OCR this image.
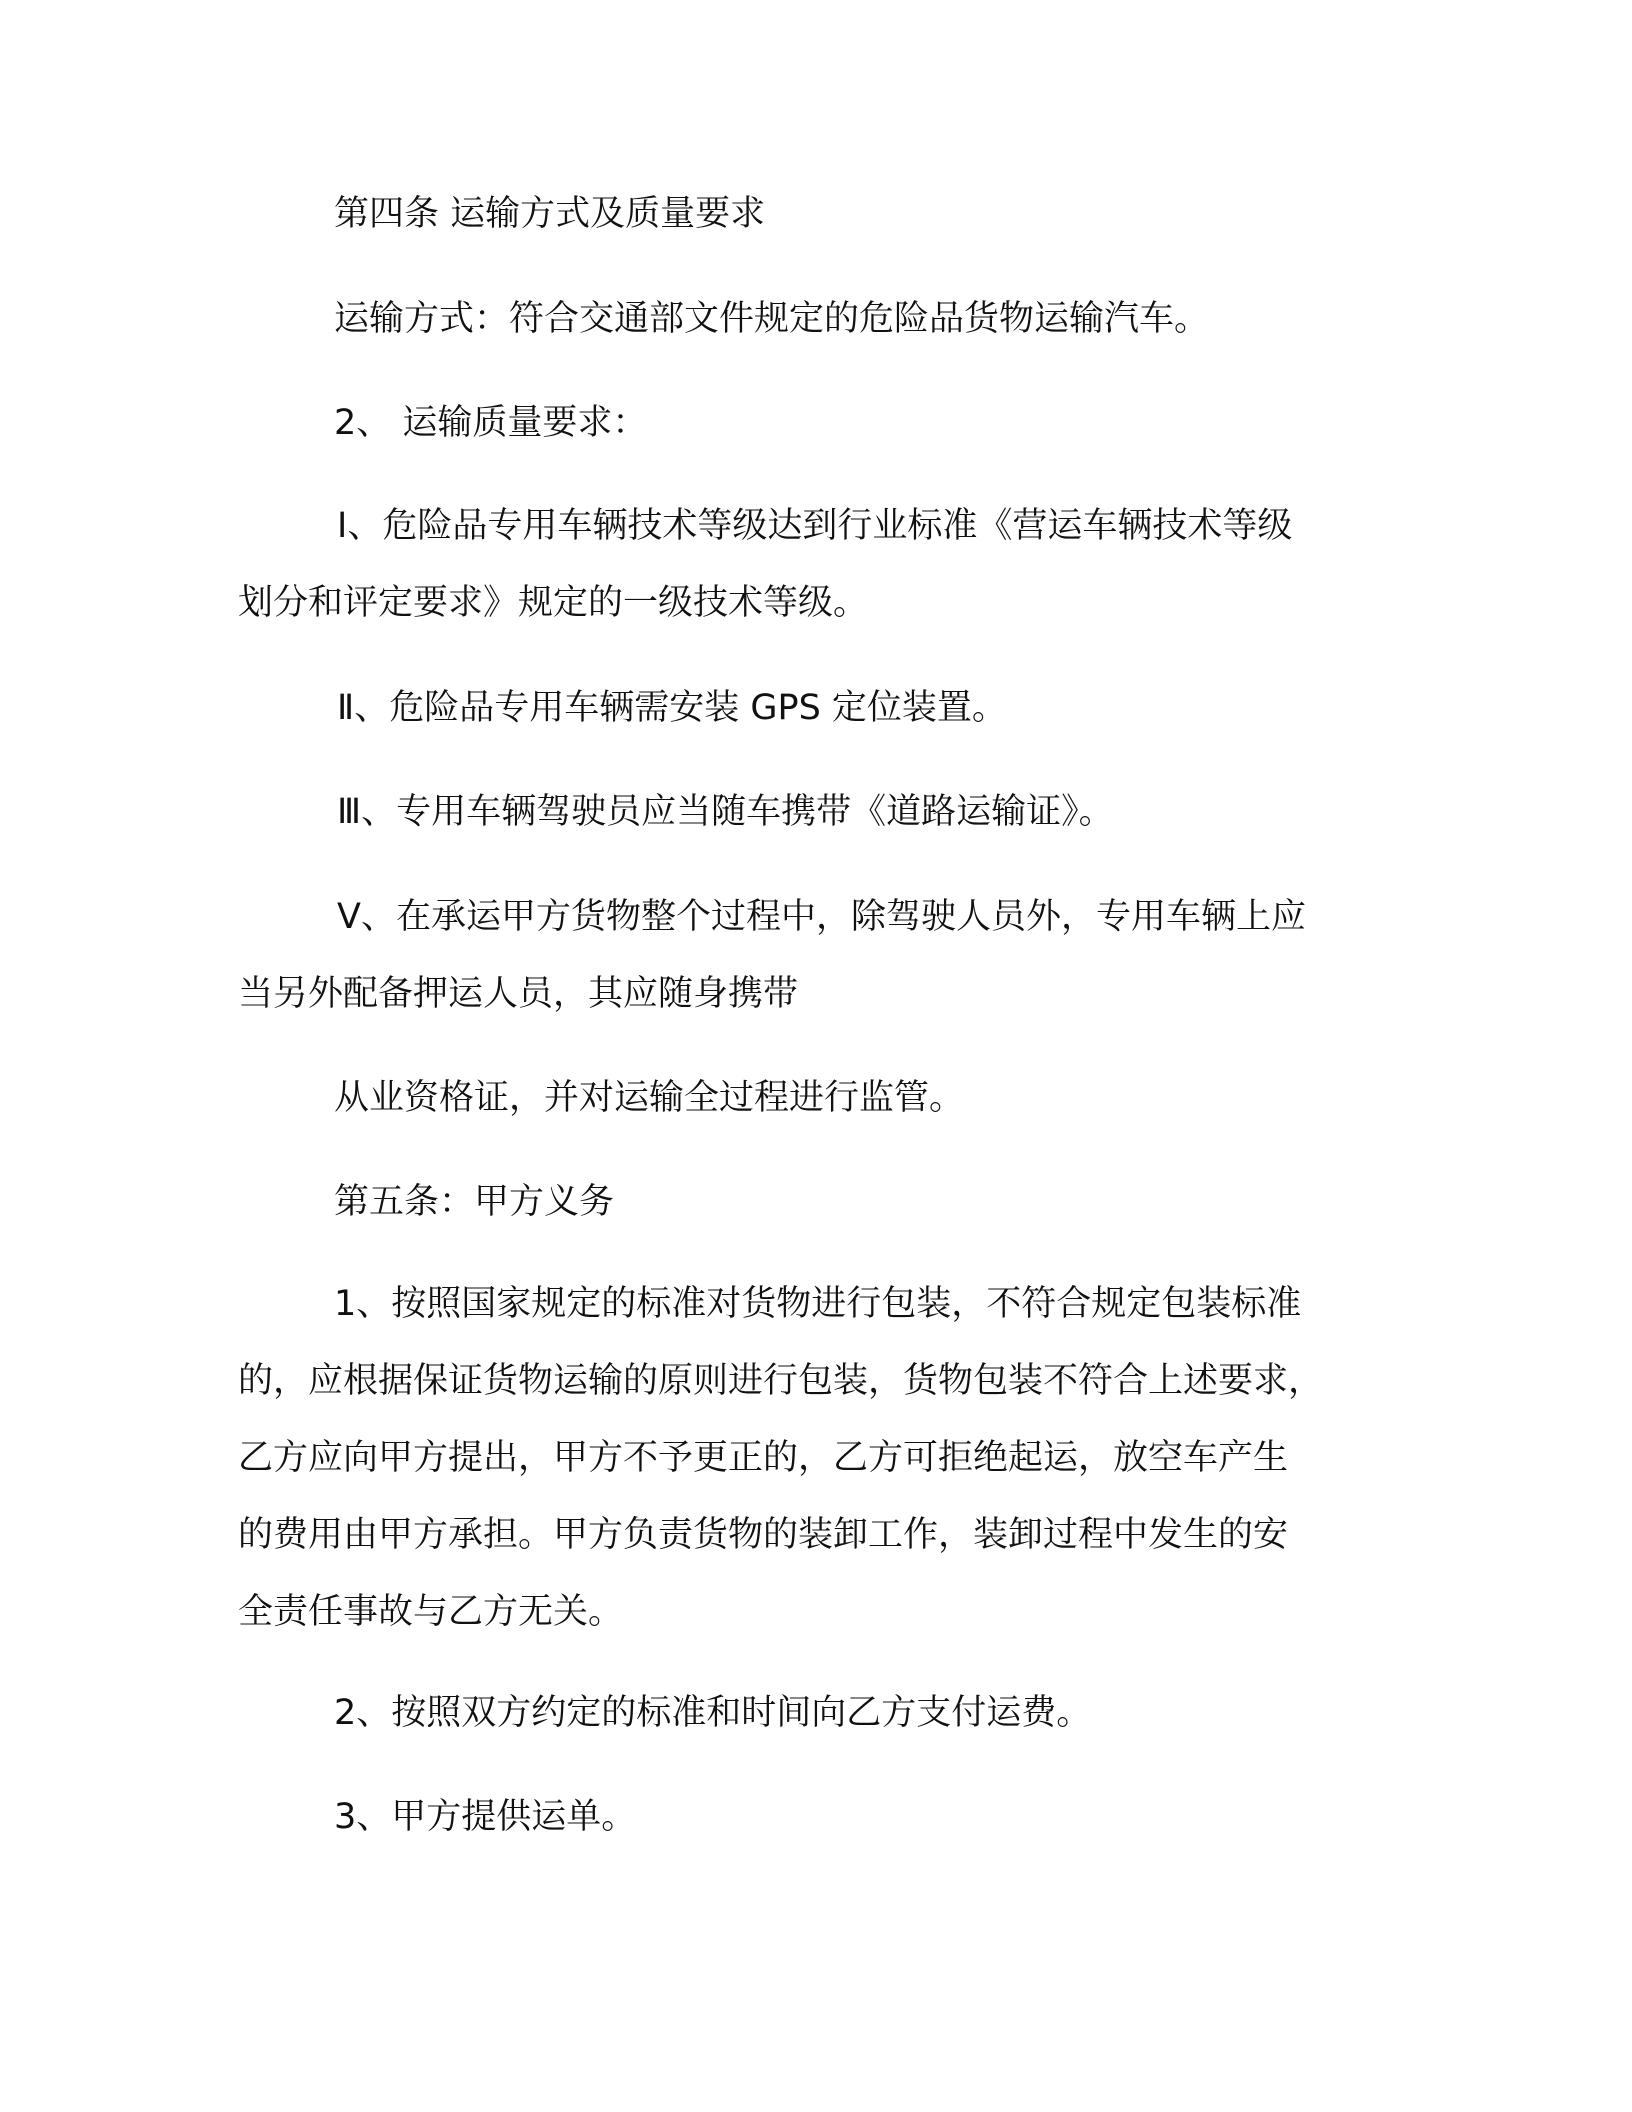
第四条 运输方式及质量要求

运输方式：符合交通部文件规定的危险品货物运输汽车。

2、 运输质量要求：

Ⅰ、危险品专用车辆技术等级达到行业标准《营运车辆技术等级
划分和评定要求》规定的一级技术等级。

Ⅱ、危险品专用车辆需安装 GPS 定位装置。

Ⅲ、专用车辆驾驶员应当随车携带《道路运输证》。

Ⅴ、在承运甲方货物整个过程中，除驾驶人员外，专用车辆上应
当另外配备押运人员，其应随身携带

从业资格证，并对运输全过程进行监管。

第五条：甲方义务

1、按照国家规定的标准对货物进行包装，不符合规定包装标准
的，应根据保证货物运输的原则进行包装，货物包装不符合上述要求，
乙方应向甲方提出，甲方不予更正的，乙方可拒绝起运，放空车产生
的费用由甲方承担。甲方负责货物的装卸工作，装卸过程中发生的安
全责任事故与乙方无关。

2、按照双方约定的标准和时间向乙方支付运费。

3、甲方提供运单。
